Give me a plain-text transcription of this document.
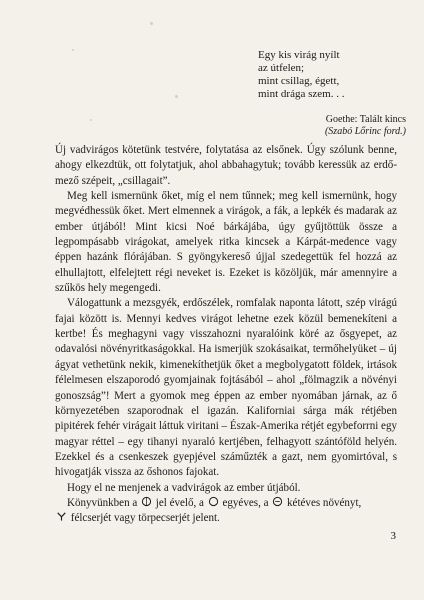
Egy kis virág nyílt

az útfelen;

mint csillag, égett,

mint drága szem. . .

Goethe: Talált kincs
(Szabó Lőrinc ford.)

Új vadvirágos kötetünk testvére, folytatása az elsőnek. Úgy szólunk benne, ahogy elkezdtük, ott folytatjuk, ahol abbahagytuk; tovább keressük az erdő-mező szépeit, „csillagait”.

Meg kell ismernünk őket, míg el nem tűnnek; meg kell ismernünk, hogy megvédhessük őket. Mert elmennek a virágok, a fák, a lepkék és madarak az ember útjából! Mint kicsi Noé bárkájába, úgy gyűjtöttük össze a legpompásabb virágokat, amelyek ritka kincsek a Kárpát-medence vagy éppen hazánk flórájában. S gyöngykereső újjal szedegettük fel hozzá az elhullajtott, elfelejtett régi neveket is. Ezeket is közöljük, már amennyire a szűkös hely megengedi.

Válogattunk a mezsgyék, erdőszélek, romfalak naponta látott, szép virágú fajai között is. Mennyi kedves virágot lehetne ezek közül bemenekíteni a kertbe! És meghagyni vagy visszahozni nyaralóink köré az ősgyepet, az odavalósi növényritkaságokkal. Ha ismerjük szokásaikat, termőhelyüket – új ágyat vethetünk nekik, kimenekíthetjük őket a megbolygatott földek, irtások félelmesen elszaporodó gyomjainak fojtásából – ahol „fölmagzik a növényi gonoszság”! Mert a gyomok meg éppen az ember nyomában járnak, az ő környezetében szaporodnak el igazán. Kaliforniai sárga mák rétjében pipitérek fehér virágait láttuk viritani – Észak-Amerika rétjét egybeforrni egy magyar réttel – egy tihanyi nyaraló kertjében, felhagyott szántóföld helyén. Ezekkel és a csenkeszek gyepjével száműzték a gazt, nem gyomirtóval, s hivogatják vissza az őshonos fajokat.

Hogy el ne menjenek a vadvirágok az ember útjából.

Könyvünkben a jel évelő, a egyéves, a kétéves növényt,

félcserjét vagy törpecserjét jelent.

3
